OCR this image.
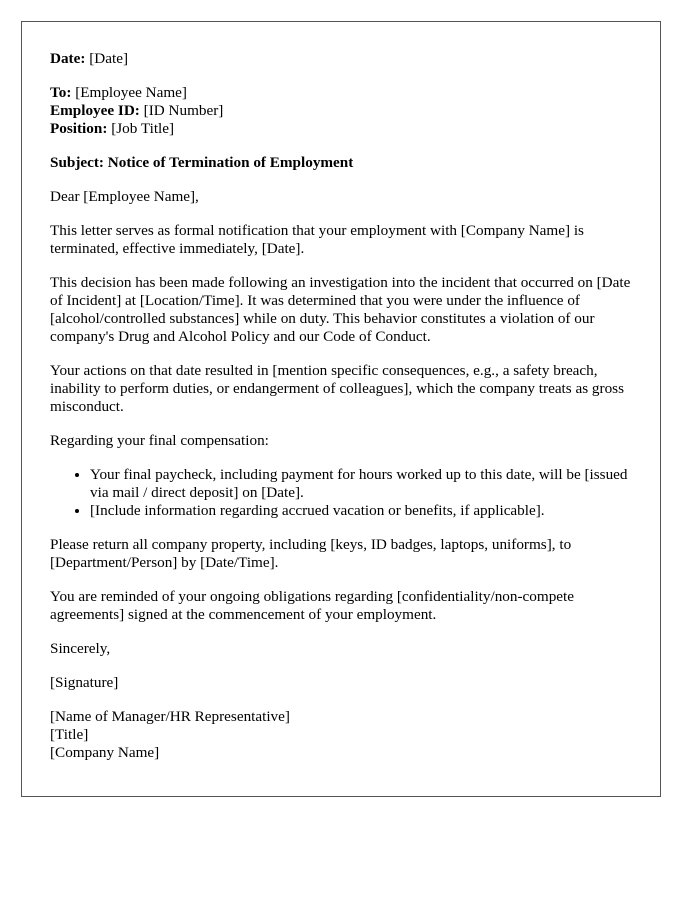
Date: [Date]
To: [Employee Name]
Employee ID: [ID Number]
Position: [Job Title]
Subject: Notice of Termination of Employment

Dear [Employee Name],

This letter serves as formal notification that your employment with [Company Name] is terminated, effective immediately, [Date].

This decision has been made following an investigation into the incident that occurred on [Date of Incident] at [Location/Time]. It was determined that you were under the influence of [alcohol/controlled substances] while on duty. This behavior constitutes a violation of our company's Drug and Alcohol Policy and our Code of Conduct.

Your actions on that date resulted in [mention specific consequences, e.g., a safety breach, inability to perform duties, or endangerment of colleagues], which the company treats as gross misconduct.

Regarding your final compensation:

• Your final paycheck, including payment for hours worked up to this date, will be [issued via mail / direct deposit] on [Date].
• [Include information regarding accrued vacation or benefits, if applicable].

Please return all company property, including [keys, ID badges, laptops, uniforms], to [Department/Person] by [Date/Time].

You are reminded of your ongoing obligations regarding [confidentiality/non-compete agreements] signed at the commencement of your employment.

Sincerely,

[Signature]

[Name of Manager/HR Representative]
[Title]
[Company Name]
